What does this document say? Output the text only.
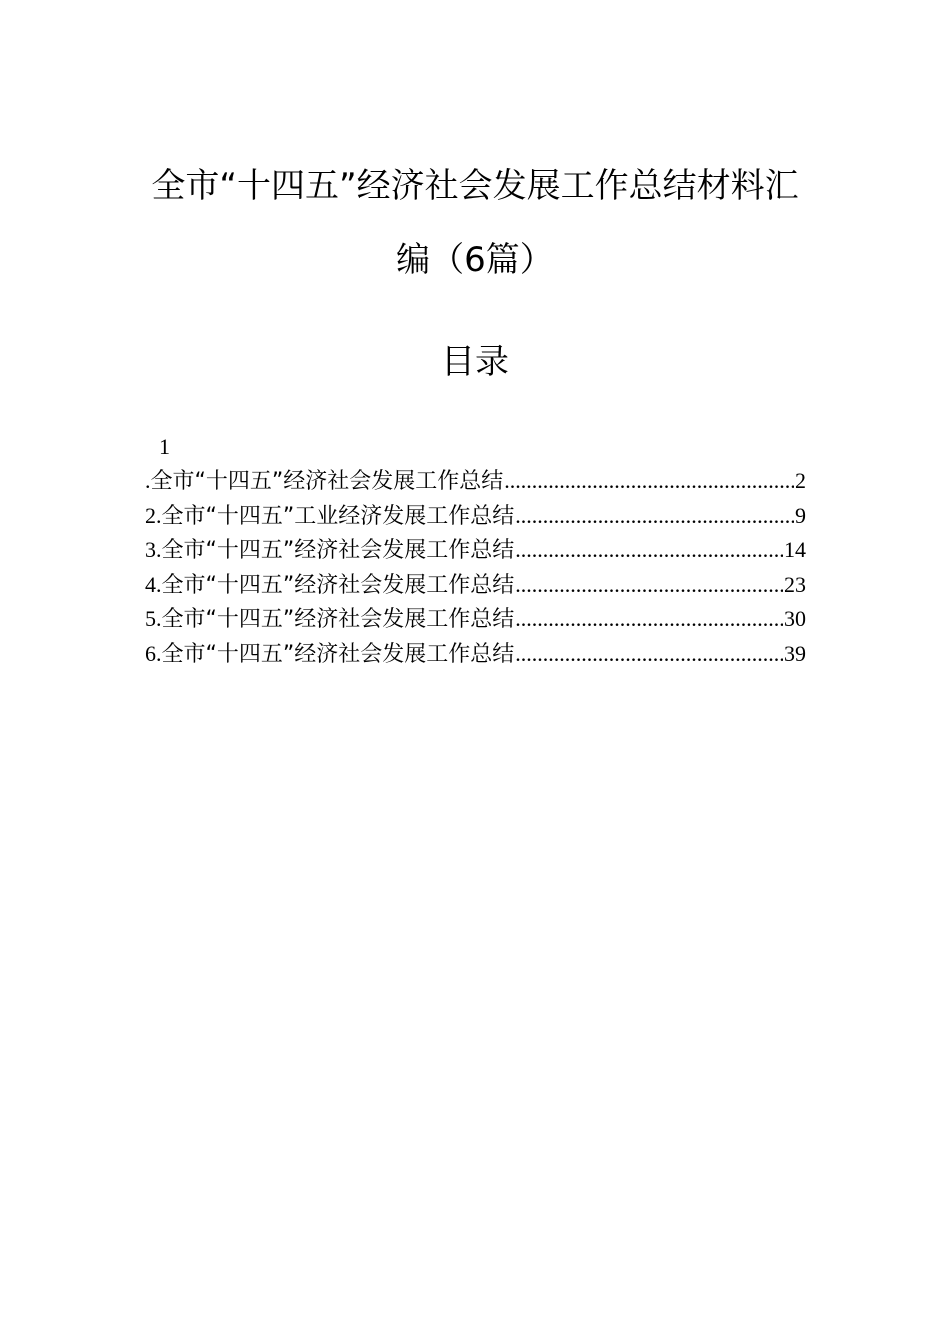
全市“十四五”经济社会发展工作总结材料汇
编（6篇）
目录
1
.全市“十四五”经济社会发展工作总结 .....	2
2.全市“十四五”工业经济发展工作总结 .....	9
3.全市“十四五”经济社会发展工作总结 .....	14
4.全市“十四五”经济社会发展工作总结 .....	23
5.全市“十四五”经济社会发展工作总结 .....	30
6.全市“十四五”经济社会发展工作总结 .....	39
